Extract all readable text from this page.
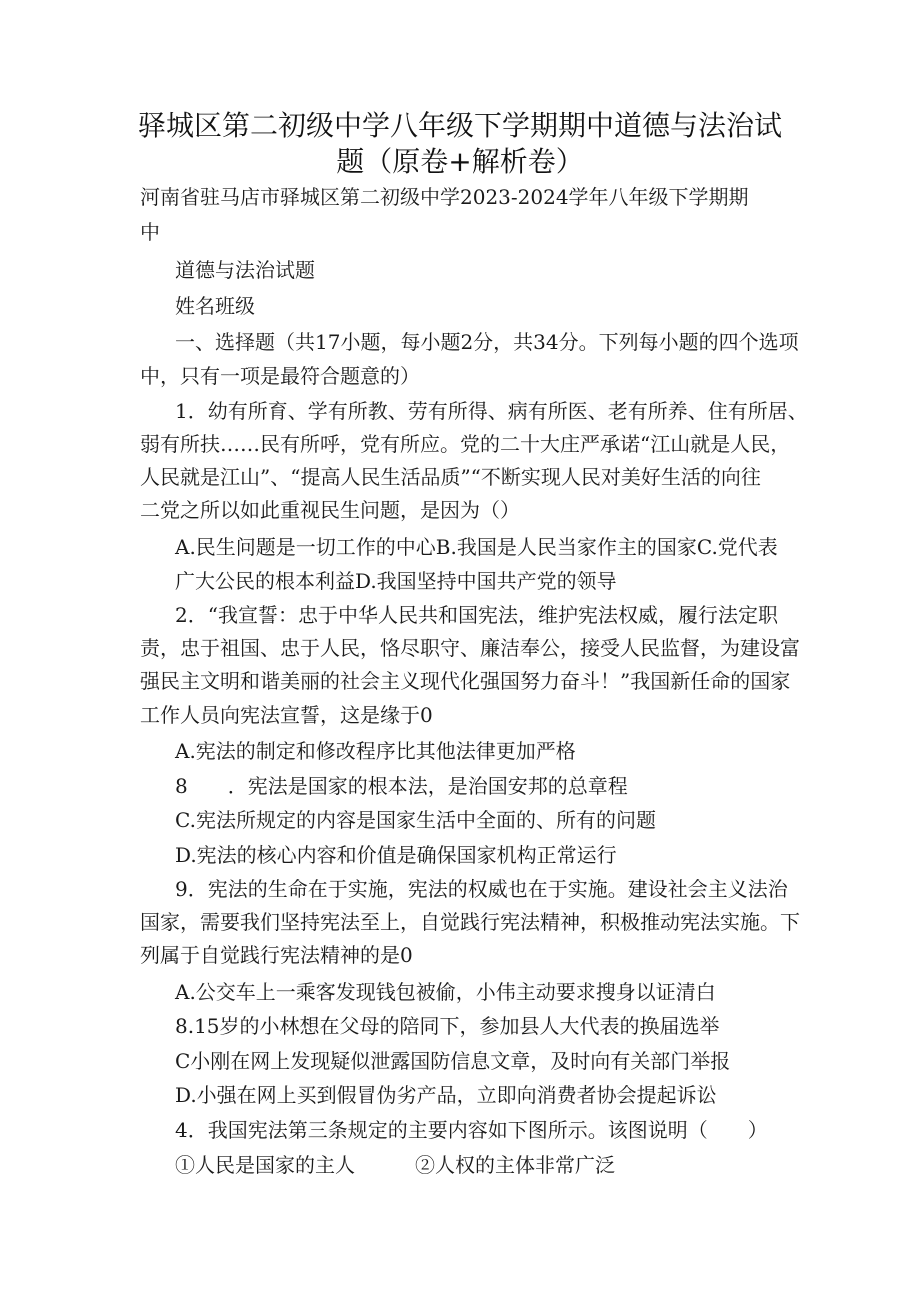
驿城区第二初级中学八年级下学期期中道德与法治试
题（原卷+解析卷）
河南省驻马店市驿城区第二初级中学2023-2024学年八年级下学期期
中
道德与法治试题
姓名班级
一、选择题（共17小题，每小题2分，共34分。下列每小题的四个选项
中，只有一项是最符合题意的）
1．幼有所育、学有所教、劳有所得、病有所医、老有所养、住有所居、
弱有所扶……民有所呼，党有所应。党的二十大庄严承诺“江山就是人民，
人民就是江山”、“提高人民生活品质”“不断实现人民对美好生活的向往
二党之所以如此重视民生问题，是因为（）
A.民生问题是一切工作的中心B.我国是人民当家作主的国家C.党代表
广大公民的根本利益D.我国坚持中国共产党的领导
2．“我宣誓：忠于中华人民共和国宪法，维护宪法权威，履行法定职
责，忠于祖国、忠于人民，恪尽职守、廉洁奉公，接受人民监督，为建设富
强民主文明和谐美丽的社会主义现代化强国努力奋斗！”我国新任命的国家
工作人员向宪法宣誓，这是缘于0
A.宪法的制定和修改程序比其他法律更加严格
8　　．宪法是国家的根本法，是治国安邦的总章程
C.宪法所规定的内容是国家生活中全面的、所有的问题
D.宪法的核心内容和价值是确保国家机构正常运行
9．宪法的生命在于实施，宪法的权威也在于实施。建设社会主义法治
国家，需要我们坚持宪法至上，自觉践行宪法精神，积极推动宪法实施。下
列属于自觉践行宪法精神的是0
A.公交车上一乘客发现钱包被偷，小伟主动要求搜身以证清白
8.15岁的小林想在父母的陪同下，参加县人大代表的换届选举
C小刚在网上发现疑似泄露国防信息文章，及时向有关部门举报
D.小强在网上买到假冒伪劣产品，立即向消费者协会提起诉讼
4．我国宪法第三条规定的主要内容如下图所示。该图说明（　　）
①人民是国家的主人　　　②人权的主体非常广泛
